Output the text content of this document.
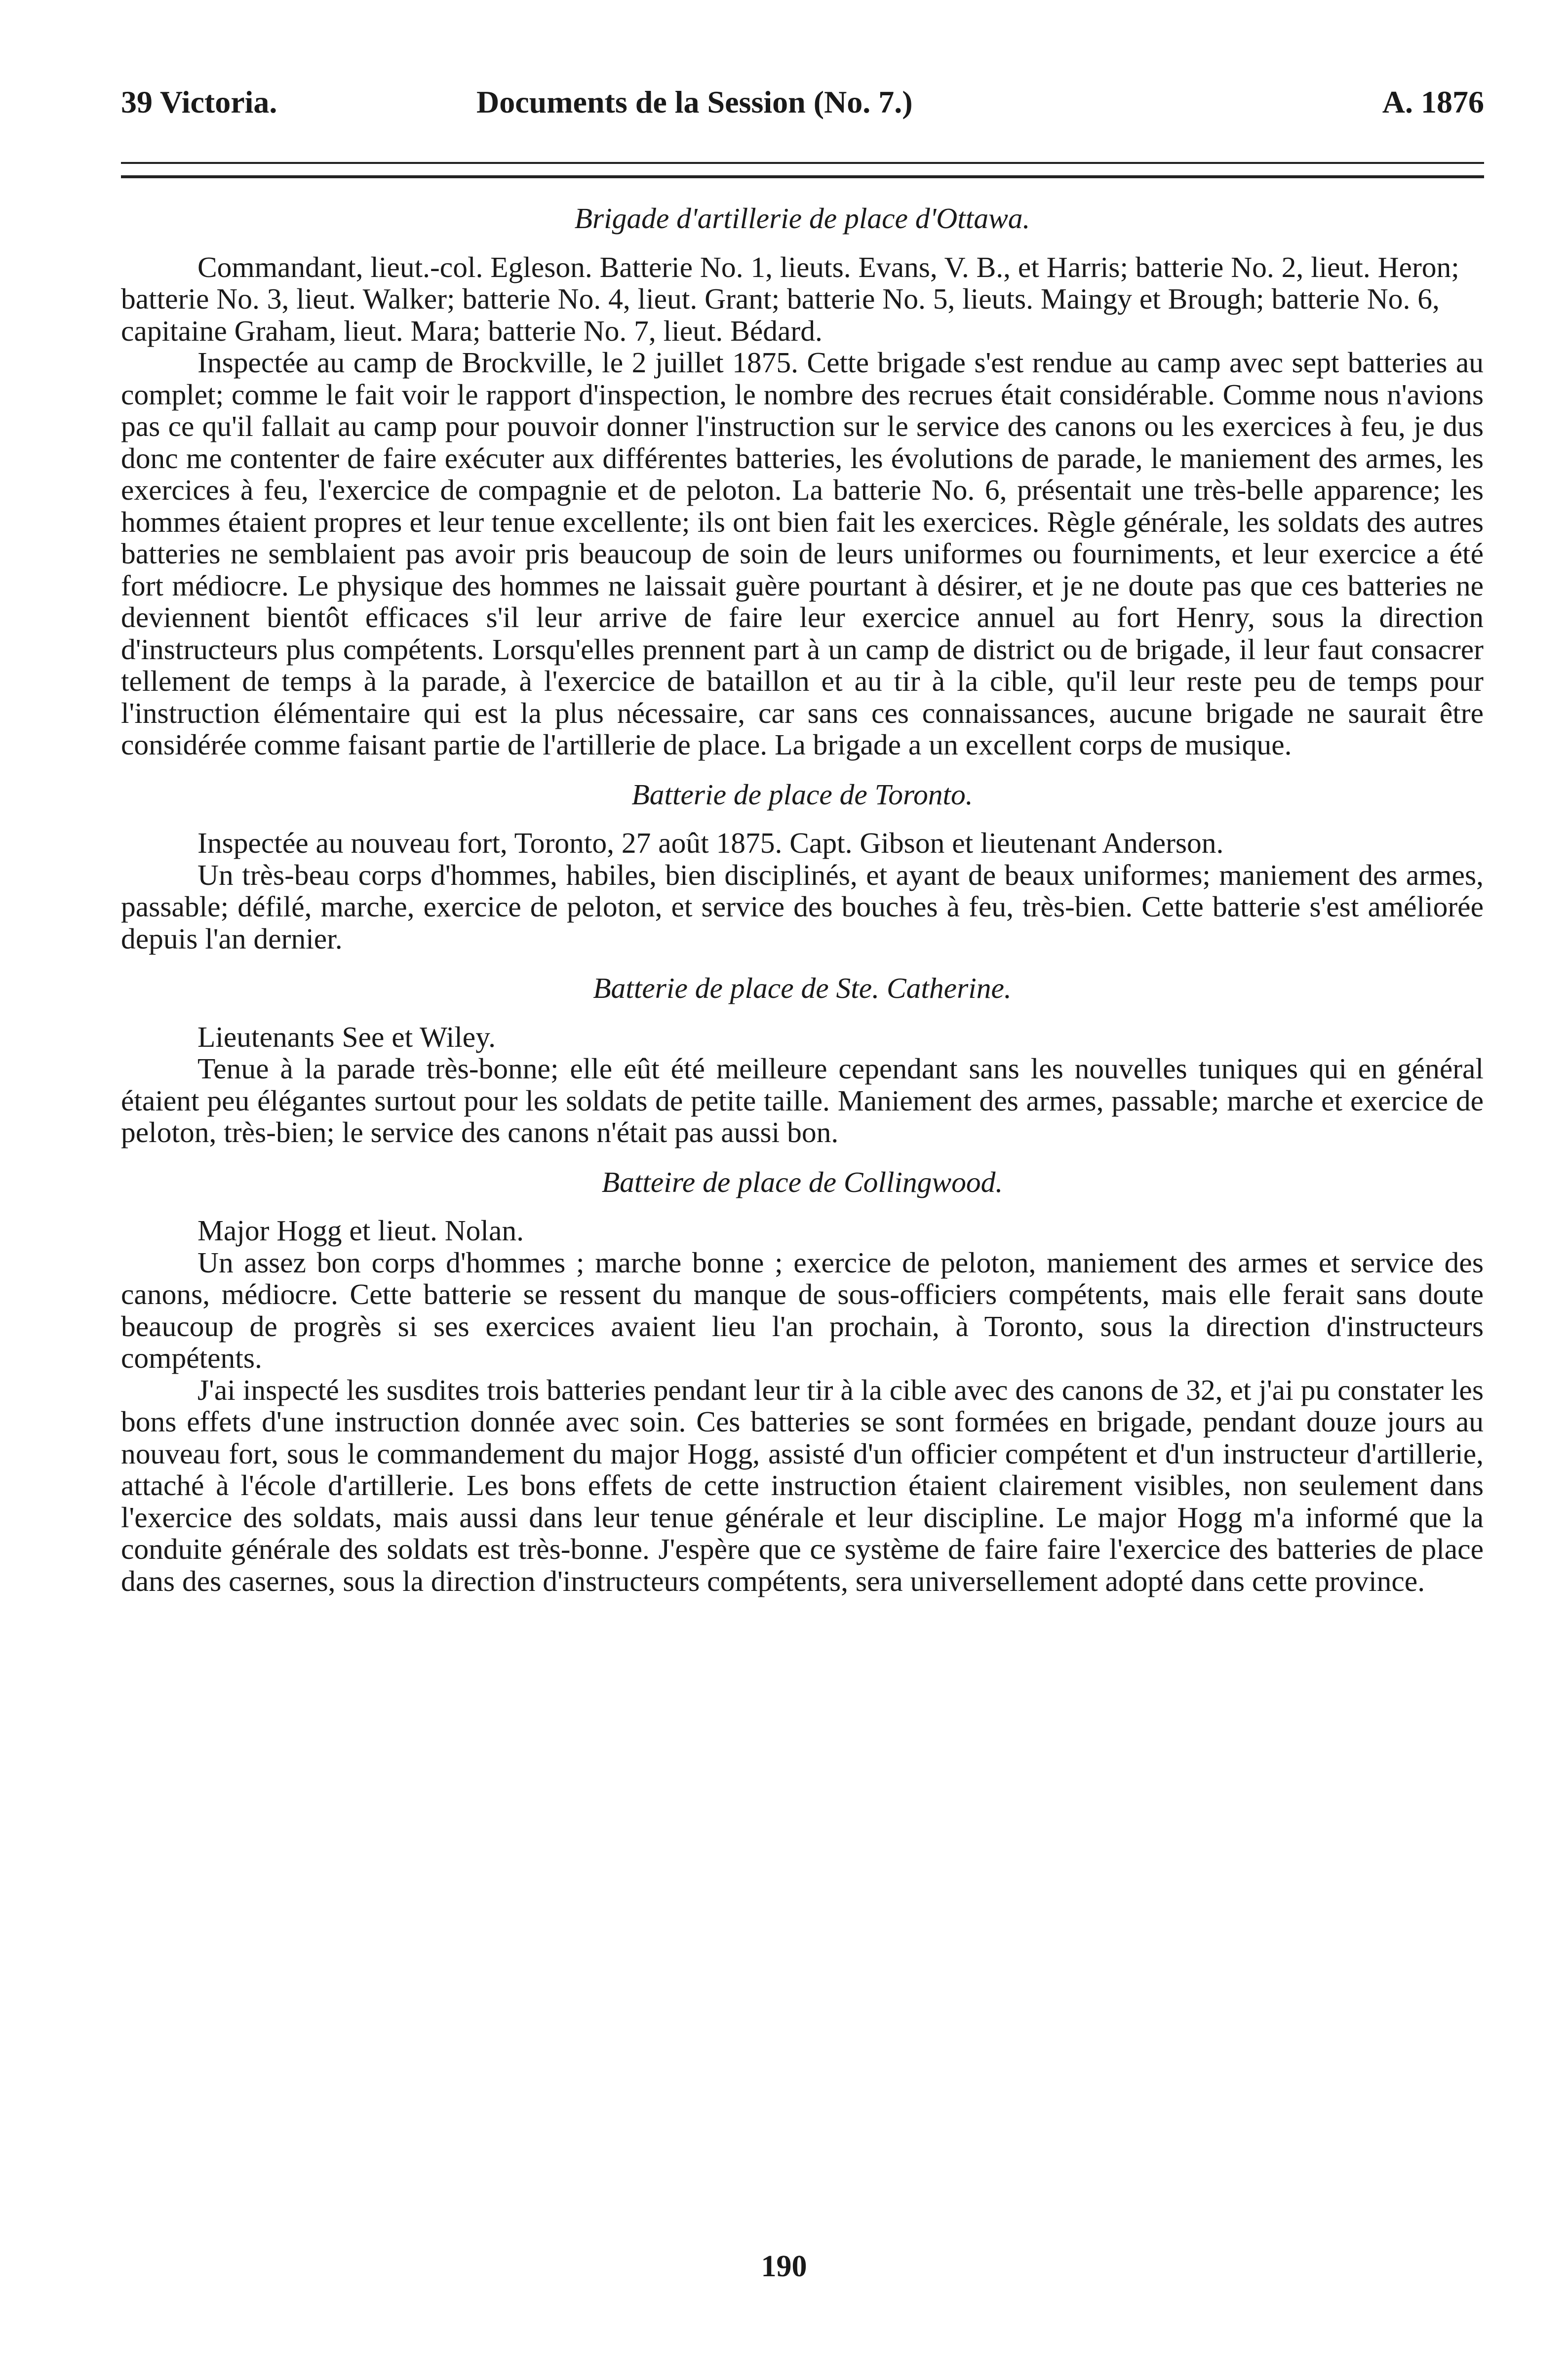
39 Victoria.	Documents de la Session (No. 7.)	A. 1876

Brigade d'artillerie de place d'Ottawa.

Commandant, lieut.-col. Egleson. Batterie No. 1, lieuts. Evans, V. B., et Harris; batterie No. 2, lieut. Heron; batterie No. 3, lieut. Walker; batterie No. 4, lieut. Grant; batterie No. 5, lieuts. Maingy et Brough; batterie No. 6, capitaine Graham, lieut. Mara; batterie No. 7, lieut. Bédard.

Inspectée au camp de Brockville, le 2 juillet 1875. Cette brigade s'est rendue au camp avec sept batteries au complet; comme le fait voir le rapport d'inspection, le nombre des recrues était considérable. Comme nous n'avions pas ce qu'il fallait au camp pour pouvoir donner l'instruction sur le service des canons ou les exercices à feu, je dus donc me contenter de faire exécuter aux différentes batteries, les évolutions de parade, le maniement des armes, les exercices à feu, l'exercice de compagnie et de peloton. La batterie No. 6, présentait une très-belle apparence; les hommes étaient propres et leur tenue excellente; ils ont bien fait les exercices. Règle générale, les soldats des autres batteries ne semblaient pas avoir pris beaucoup de soin de leurs uniformes ou fourniments, et leur exercice a été fort médiocre. Le physique des hommes ne laissait guère pourtant à désirer, et je ne doute pas que ces batteries ne deviennent bientôt efficaces s'il leur arrive de faire leur exercice annuel au fort Henry, sous la direction d'instructeurs plus compétents. Lorsqu'elles prennent part à un camp de district ou de brigade, il leur faut consacrer tellement de temps à la parade, à l'exercice de bataillon et au tir à la cible, qu'il leur reste peu de temps pour l'instruction élémentaire qui est la plus nécessaire, car sans ces connaissances, aucune brigade ne saurait être considérée comme faisant partie de l'artillerie de place. La brigade a un excellent corps de musique.

Batterie de place de Toronto.

Inspectée au nouveau fort, Toronto, 27 août 1875. Capt. Gibson et lieutenant Anderson.

Un très-beau corps d'hommes, habiles, bien disciplinés, et ayant de beaux uniformes; maniement des armes, passable; défilé, marche, exercice de peloton, et service des bouches à feu, très-bien. Cette batterie s'est améliorée depuis l'an dernier.

Batterie de place de Ste. Catherine.

Lieutenants See et Wiley.

Tenue à la parade très-bonne; elle eût été meilleure cependant sans les nouvelles tuniques qui en général étaient peu élégantes surtout pour les soldats de petite taille. Maniement des armes, passable; marche et exercice de peloton, très-bien; le service des canons n'était pas aussi bon.

Batteire de place de Collingwood.

Major Hogg et lieut. Nolan.

Un assez bon corps d'hommes ; marche bonne ; exercice de peloton, maniement des armes et service des canons, médiocre. Cette batterie se ressent du manque de sous-officiers compétents, mais elle ferait sans doute beaucoup de progrès si ses exercices avaient lieu l'an prochain, à Toronto, sous la direction d'instructeurs compétents.

J'ai inspecté les susdites trois batteries pendant leur tir à la cible avec des canons de 32, et j'ai pu constater les bons effets d'une instruction donnée avec soin. Ces batteries se sont formées en brigade, pendant douze jours au nouveau fort, sous le commandement du major Hogg, assisté d'un officier compétent et d'un instructeur d'artillerie, attaché à l'école d'artillerie. Les bons effets de cette instruction étaient clairement visibles, non seulement dans l'exercice des soldats, mais aussi dans leur tenue générale et leur discipline. Le major Hogg m'a informé que la conduite générale des soldats est très-bonne. J'espère que ce système de faire faire l'exercice des batteries de place dans des casernes, sous la direction d'instructeurs compétents, sera universellement adopté dans cette province.

190
